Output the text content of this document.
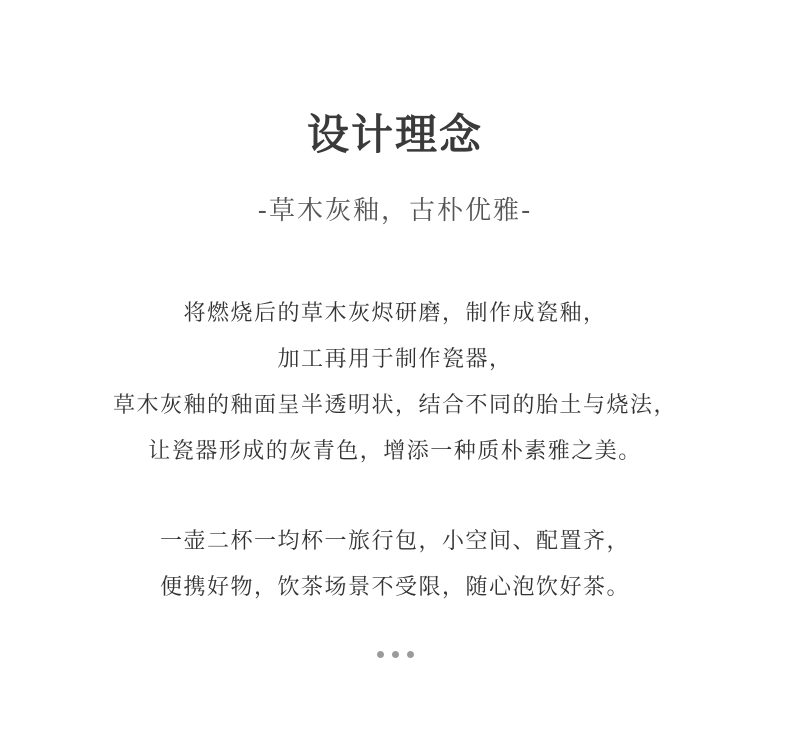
设计理念
-草木灰釉，古朴优雅-
将燃烧后的草木灰烬研磨，制作成瓷釉，
加工再用于制作瓷器，
草木灰釉的釉面呈半透明状，结合不同的胎土与烧法，
让瓷器形成的灰青色，增添一种质朴素雅之美。
一壶二杯一均杯一旅行包，小空间、配置齐，
便携好物，饮茶场景不受限，随心泡饮好茶。
